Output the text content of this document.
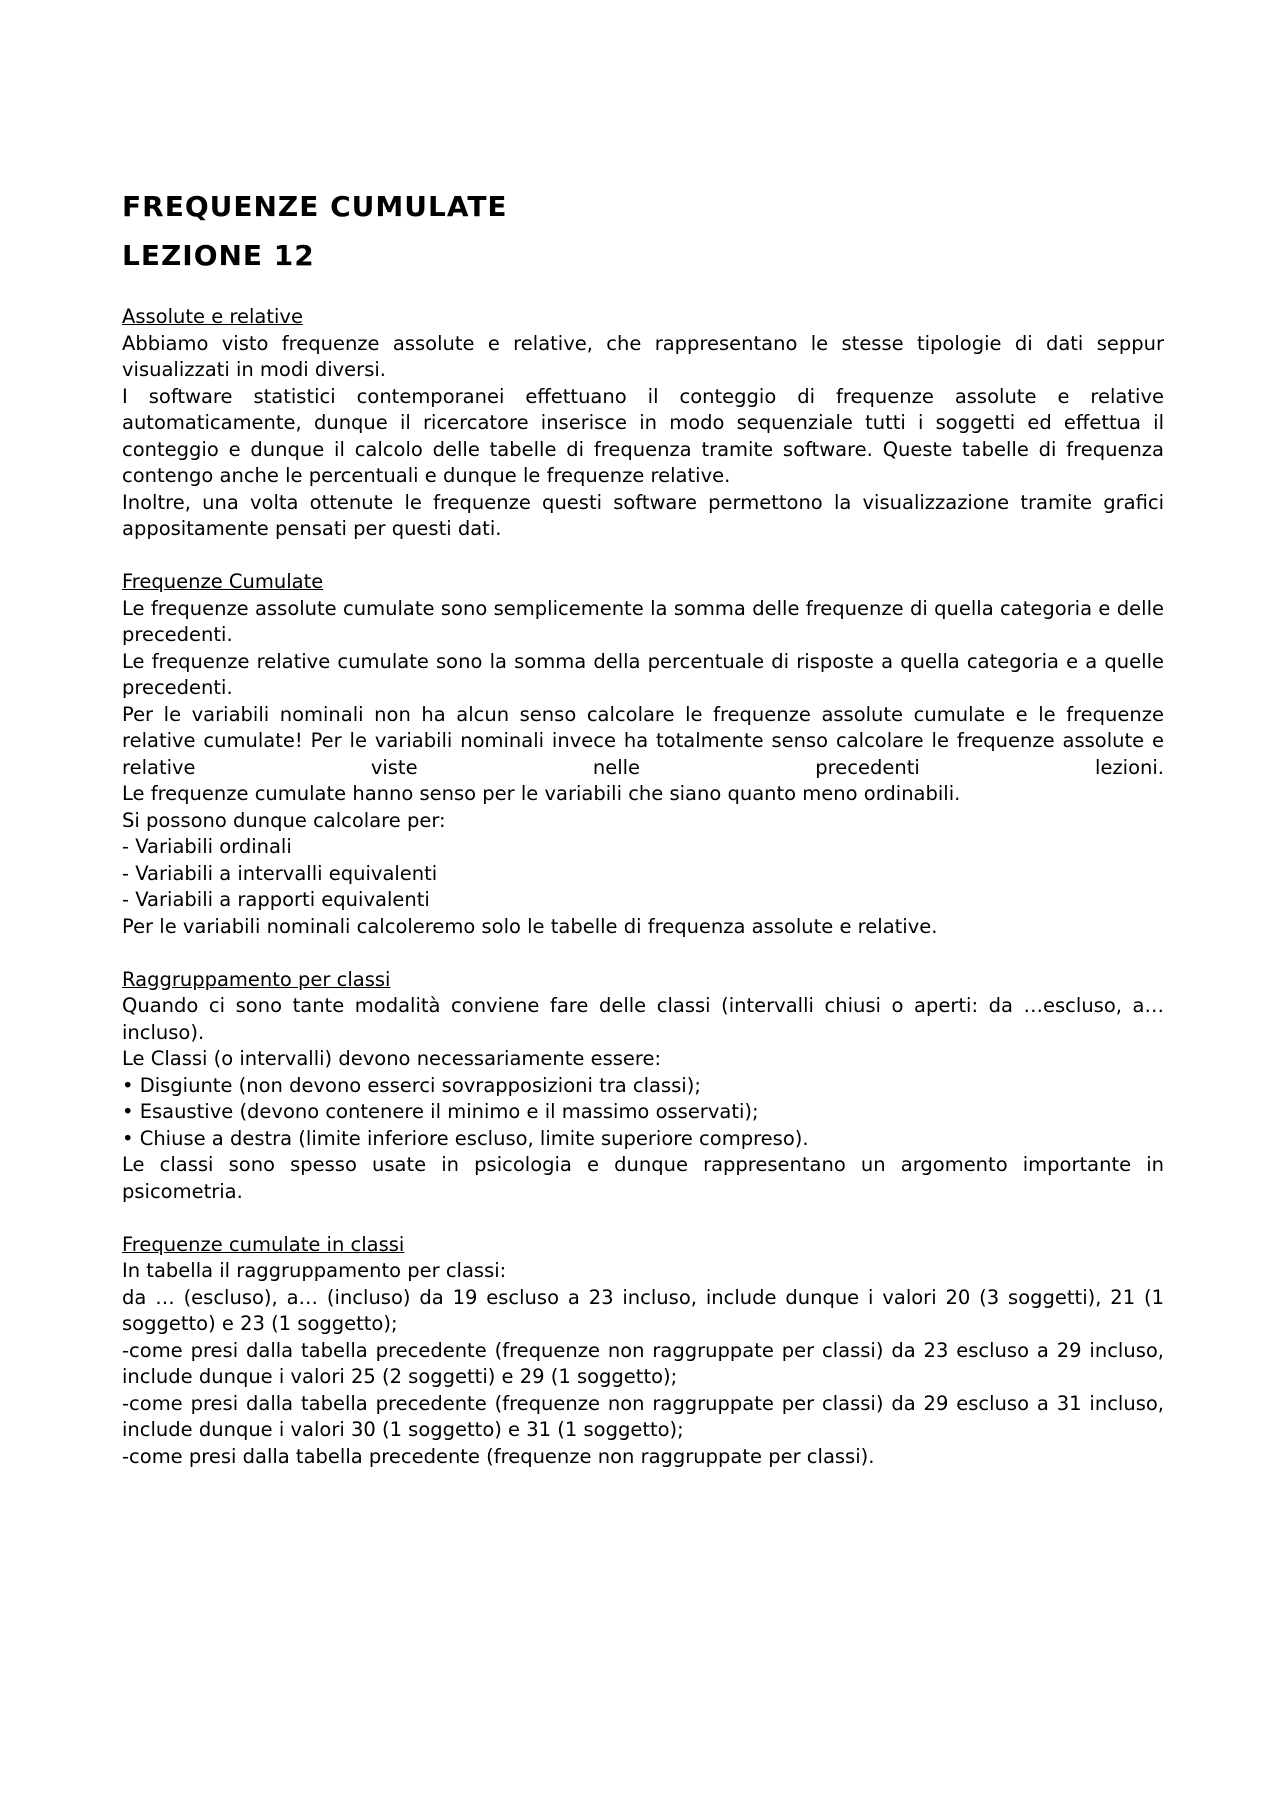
FREQUENZE CUMULATE
LEZIONE 12

Assolute e relative

Abbiamo visto frequenze assolute e relative, che rappresentano le stesse tipologie di dati seppur visualizzati in modi diversi.

I software statistici contemporanei effettuano il conteggio di frequenze assolute e relative automaticamente, dunque il ricercatore inserisce in modo sequenziale tutti i soggetti ed effettua il conteggio e dunque il calcolo delle tabelle di frequenza tramite software. Queste tabelle di frequenza contengo anche le percentuali e dunque le frequenze relative.

Inoltre, una volta ottenute le frequenze questi software permettono la visualizzazione tramite grafici appositamente pensati per questi dati.

Frequenze Cumulate

Le frequenze assolute cumulate sono semplicemente la somma delle frequenze di quella categoria e delle precedenti.

Le frequenze relative cumulate sono la somma della percentuale di risposte a quella categoria e a quelle precedenti.

Per le variabili nominali non ha alcun senso calcolare le frequenze assolute cumulate e le frequenze relative cumulate! Per le variabili nominali invece ha totalmente senso calcolare le frequenze assolute e relative viste nelle precedenti lezioni.

Le frequenze cumulate hanno senso per le variabili che siano quanto meno ordinabili.

Si possono dunque calcolare per:

- Variabili ordinali

- Variabili a intervalli equivalenti

- Variabili a rapporti equivalenti

Per le variabili nominali calcoleremo solo le tabelle di frequenza assolute e relative.

Raggruppamento per classi

Quando ci sono tante modalità conviene fare delle classi (intervalli chiusi o aperti: da …escluso, a…incluso).

Le Classi (o intervalli) devono necessariamente essere:

• Disgiunte (non devono esserci sovrapposizioni tra classi);

• Esaustive (devono contenere il minimo e il massimo osservati);

• Chiuse a destra (limite inferiore escluso, limite superiore compreso).

Le classi sono spesso usate in psicologia e dunque rappresentano un argomento importante in psicometria.

Frequenze cumulate in classi

In tabella il raggruppamento per classi:

da … (escluso), a… (incluso) da 19 escluso a 23 incluso, include dunque i valori 20 (3 soggetti), 21 (1 soggetto) e 23 (1 soggetto);

-come presi dalla tabella precedente (frequenze non raggruppate per classi) da 23 escluso a 29 incluso, include dunque i valori 25 (2 soggetti) e 29 (1 soggetto);

-come presi dalla tabella precedente (frequenze non raggruppate per classi) da 29 escluso a 31 incluso, include dunque i valori 30 (1 soggetto) e 31 (1 soggetto);

-come presi dalla tabella precedente (frequenze non raggruppate per classi).
